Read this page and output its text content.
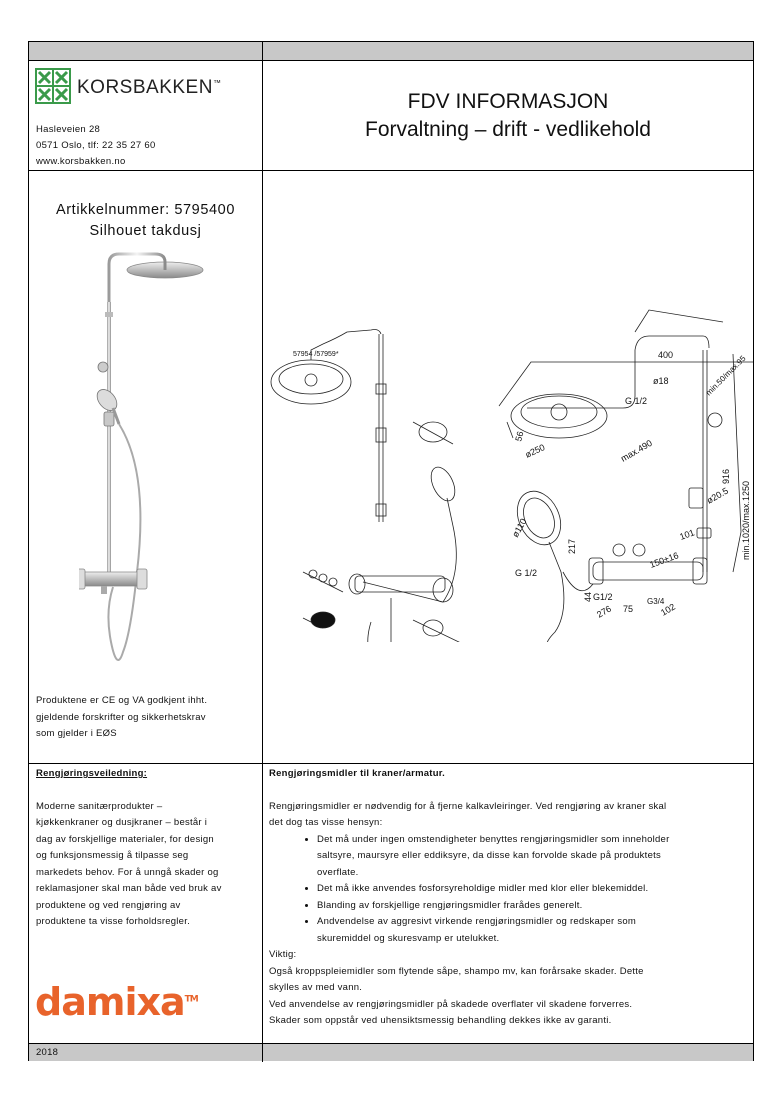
KORSBAKKEN™
Hasleveien 28
0571 Oslo, tlf: 22 35 27 60
www.korsbakken.no
FDV INFORMASJON
Forvaltning – drift - vedlikehold
Artikkelnummer: 5795400
Silhouet takdusj
Produktene er CE og VA godkjent ihht.
gjeldende forskrifter og sikkerhetskrav
som gjelder i EØS
57954 /57959*	400
ø18
G 1/2
min.50/max.95
56
ø250	max.490
min.1020/max.1250
916
ø20.5
101
ø110
217
G 1/2
44 G1/2
150±16
276 75
G3/4
102
Rengjøringsveiledning:
Moderne sanitærprodukter –
kjøkkenkraner og dusjkraner – består i
dag av forskjellige materialer, for design
og funksjonsmessig å tilpasse seg
markedets behov. For å unngå skader og
reklamasjoner skal man både ved bruk av
produktene og ved rengjøring av
produktene ta visse forholdsregler.
damixa™
Rengjøringsmidler til kraner/armatur.
Rengjøringsmidler er nødvendig for å fjerne kalkavleiringer. Ved rengjøring av kraner skal
det dog tas visse hensyn:
• Det må under ingen omstendigheter benyttes rengjøringsmidler som inneholder
saltsyre, maursyre eller eddiksyre, da disse kan forvolde skade på produktets
overflate.
• Det må ikke anvendes fosforsyreholdige midler med klor eller blekemiddel.
• Blanding av forskjellige rengjøringsmidler frarådes generelt.
• Andvendelse av aggresivt virkende rengjøringsmidler og redskaper som
skuremiddel og skuresvamp er utelukket.
Viktig:
Også kroppspleiemidler som flytende såpe, shampo mv, kan forårsake skader. Dette
skylles av med vann.
Ved anvendelse av rengjøringsmidler på skadede overflater vil skadene forverres.
Skader som oppstår ved uhensiktsmessig behandling dekkes ikke av garanti.
2018
